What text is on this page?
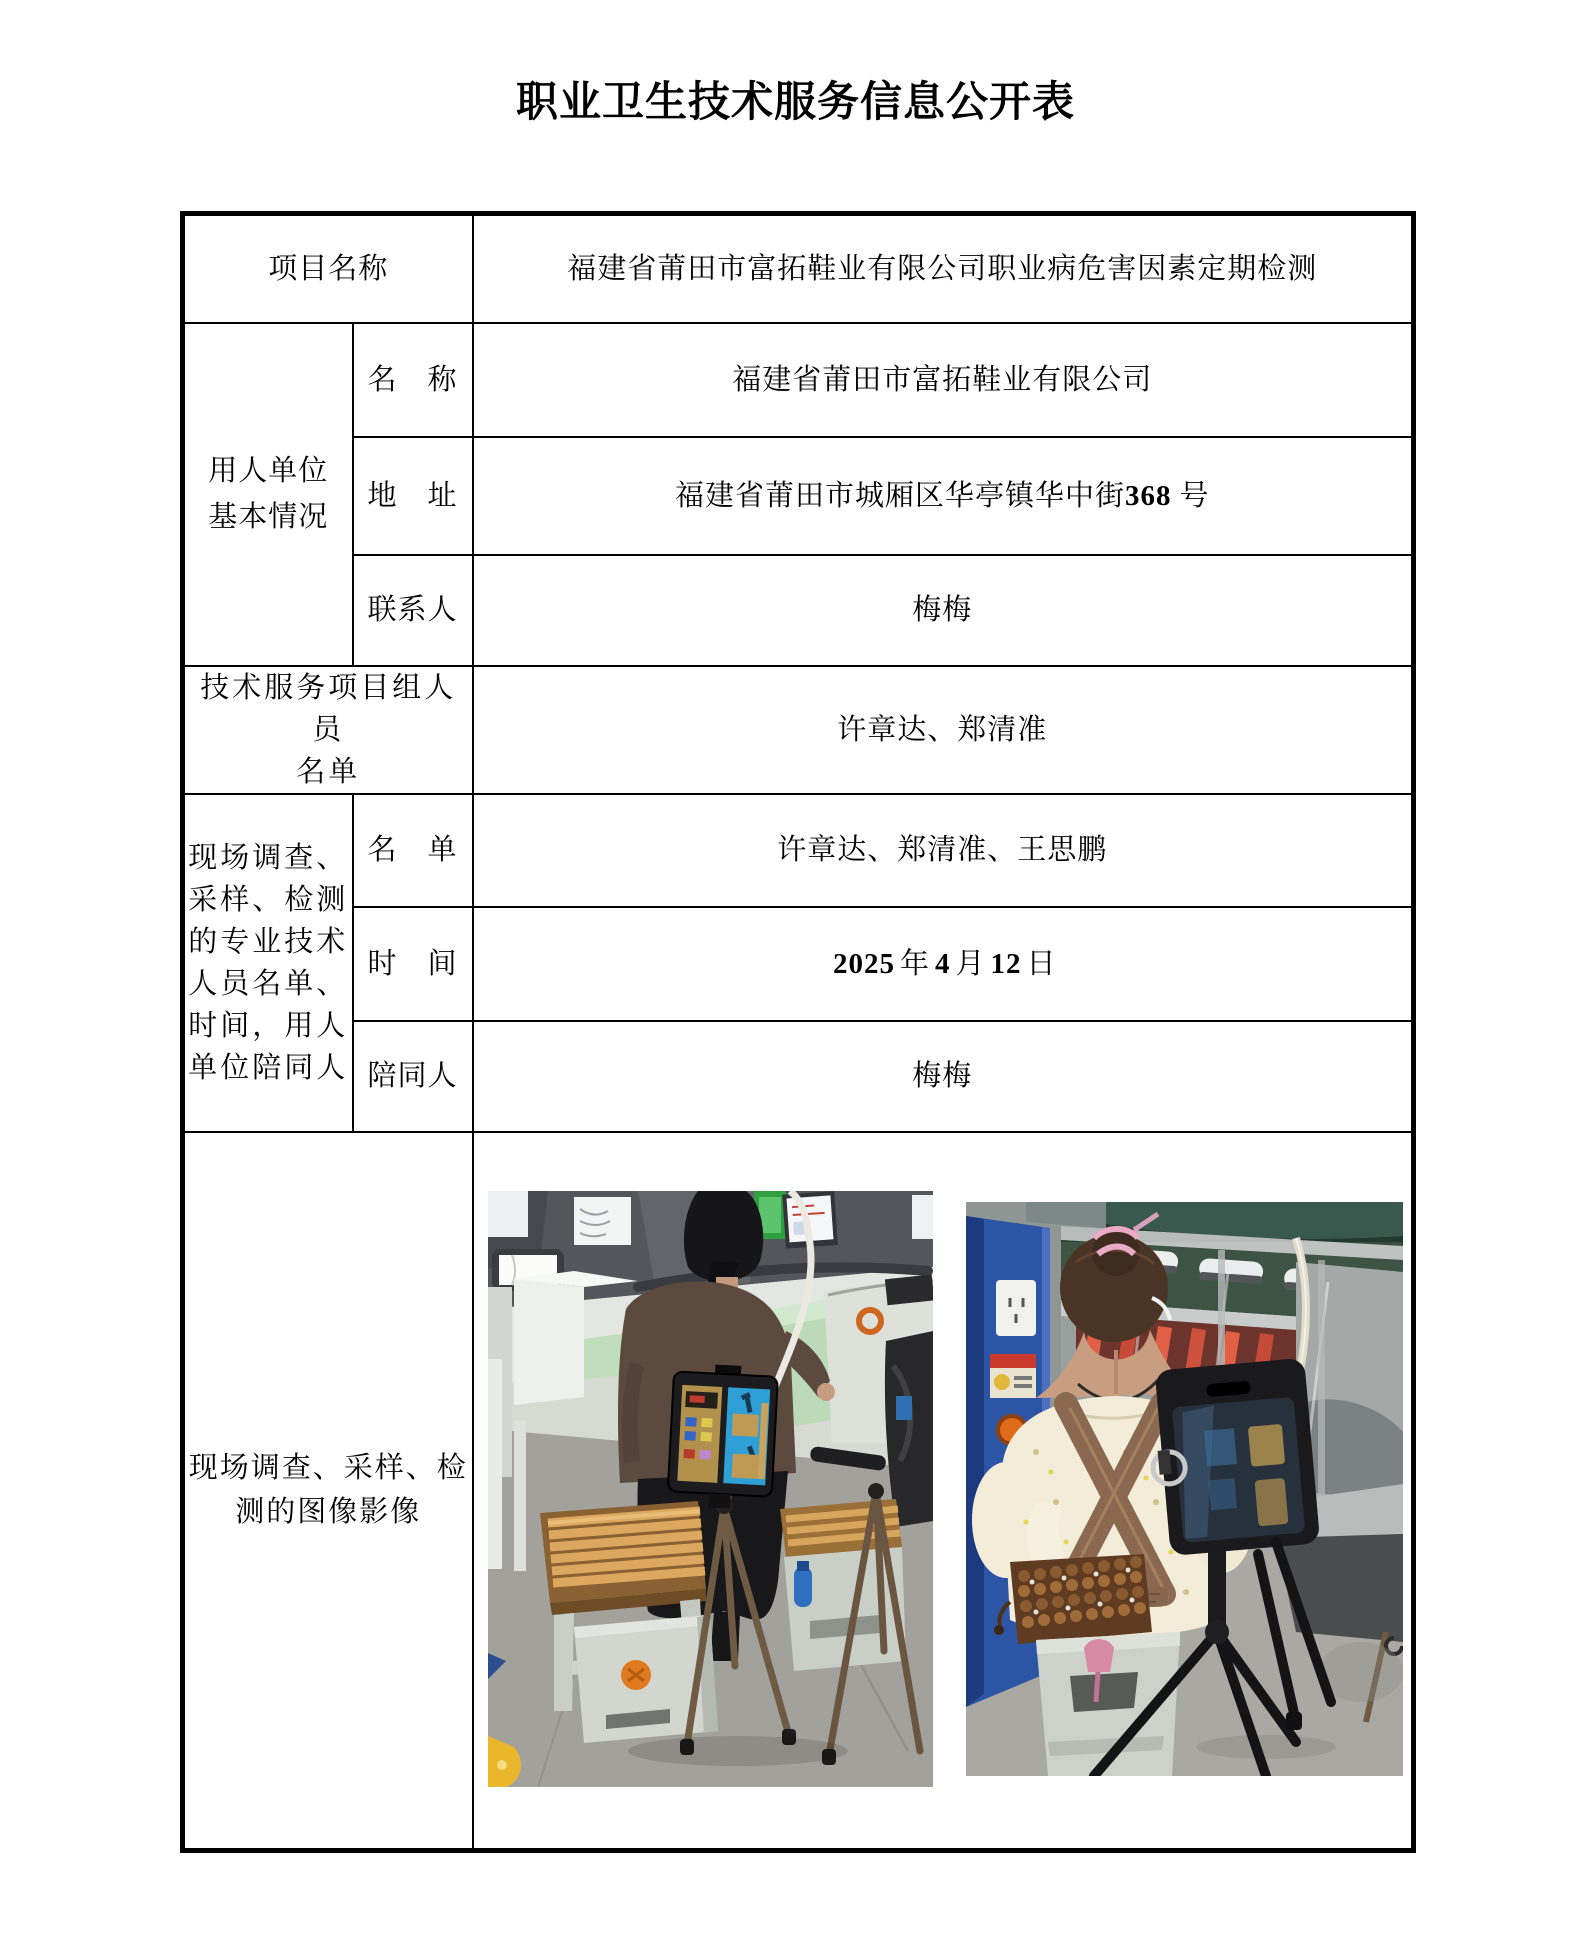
职业卫生技术服务信息公开表
项目名称		福建省莆田市富拓鞋业有限公司职业病危害因素定期检测

用人单位
基本情况	名　称	福建省莆田市富拓鞋业有限公司
	地　址	福建省莆田市城厢区华亭镇华中街368 号
	联系人	梅梅

技术服务项目组人员
名单		许章达、郑清准

现场调查、
采样、检测
的专业技术
人员名单、
时间，用人
单位陪同人
	名　单	许章达、郑清准、王思鹏
	时　间	2025 年 4 月 12 日
	陪同人	梅梅

现场调查、采样、检
测的图像影像
